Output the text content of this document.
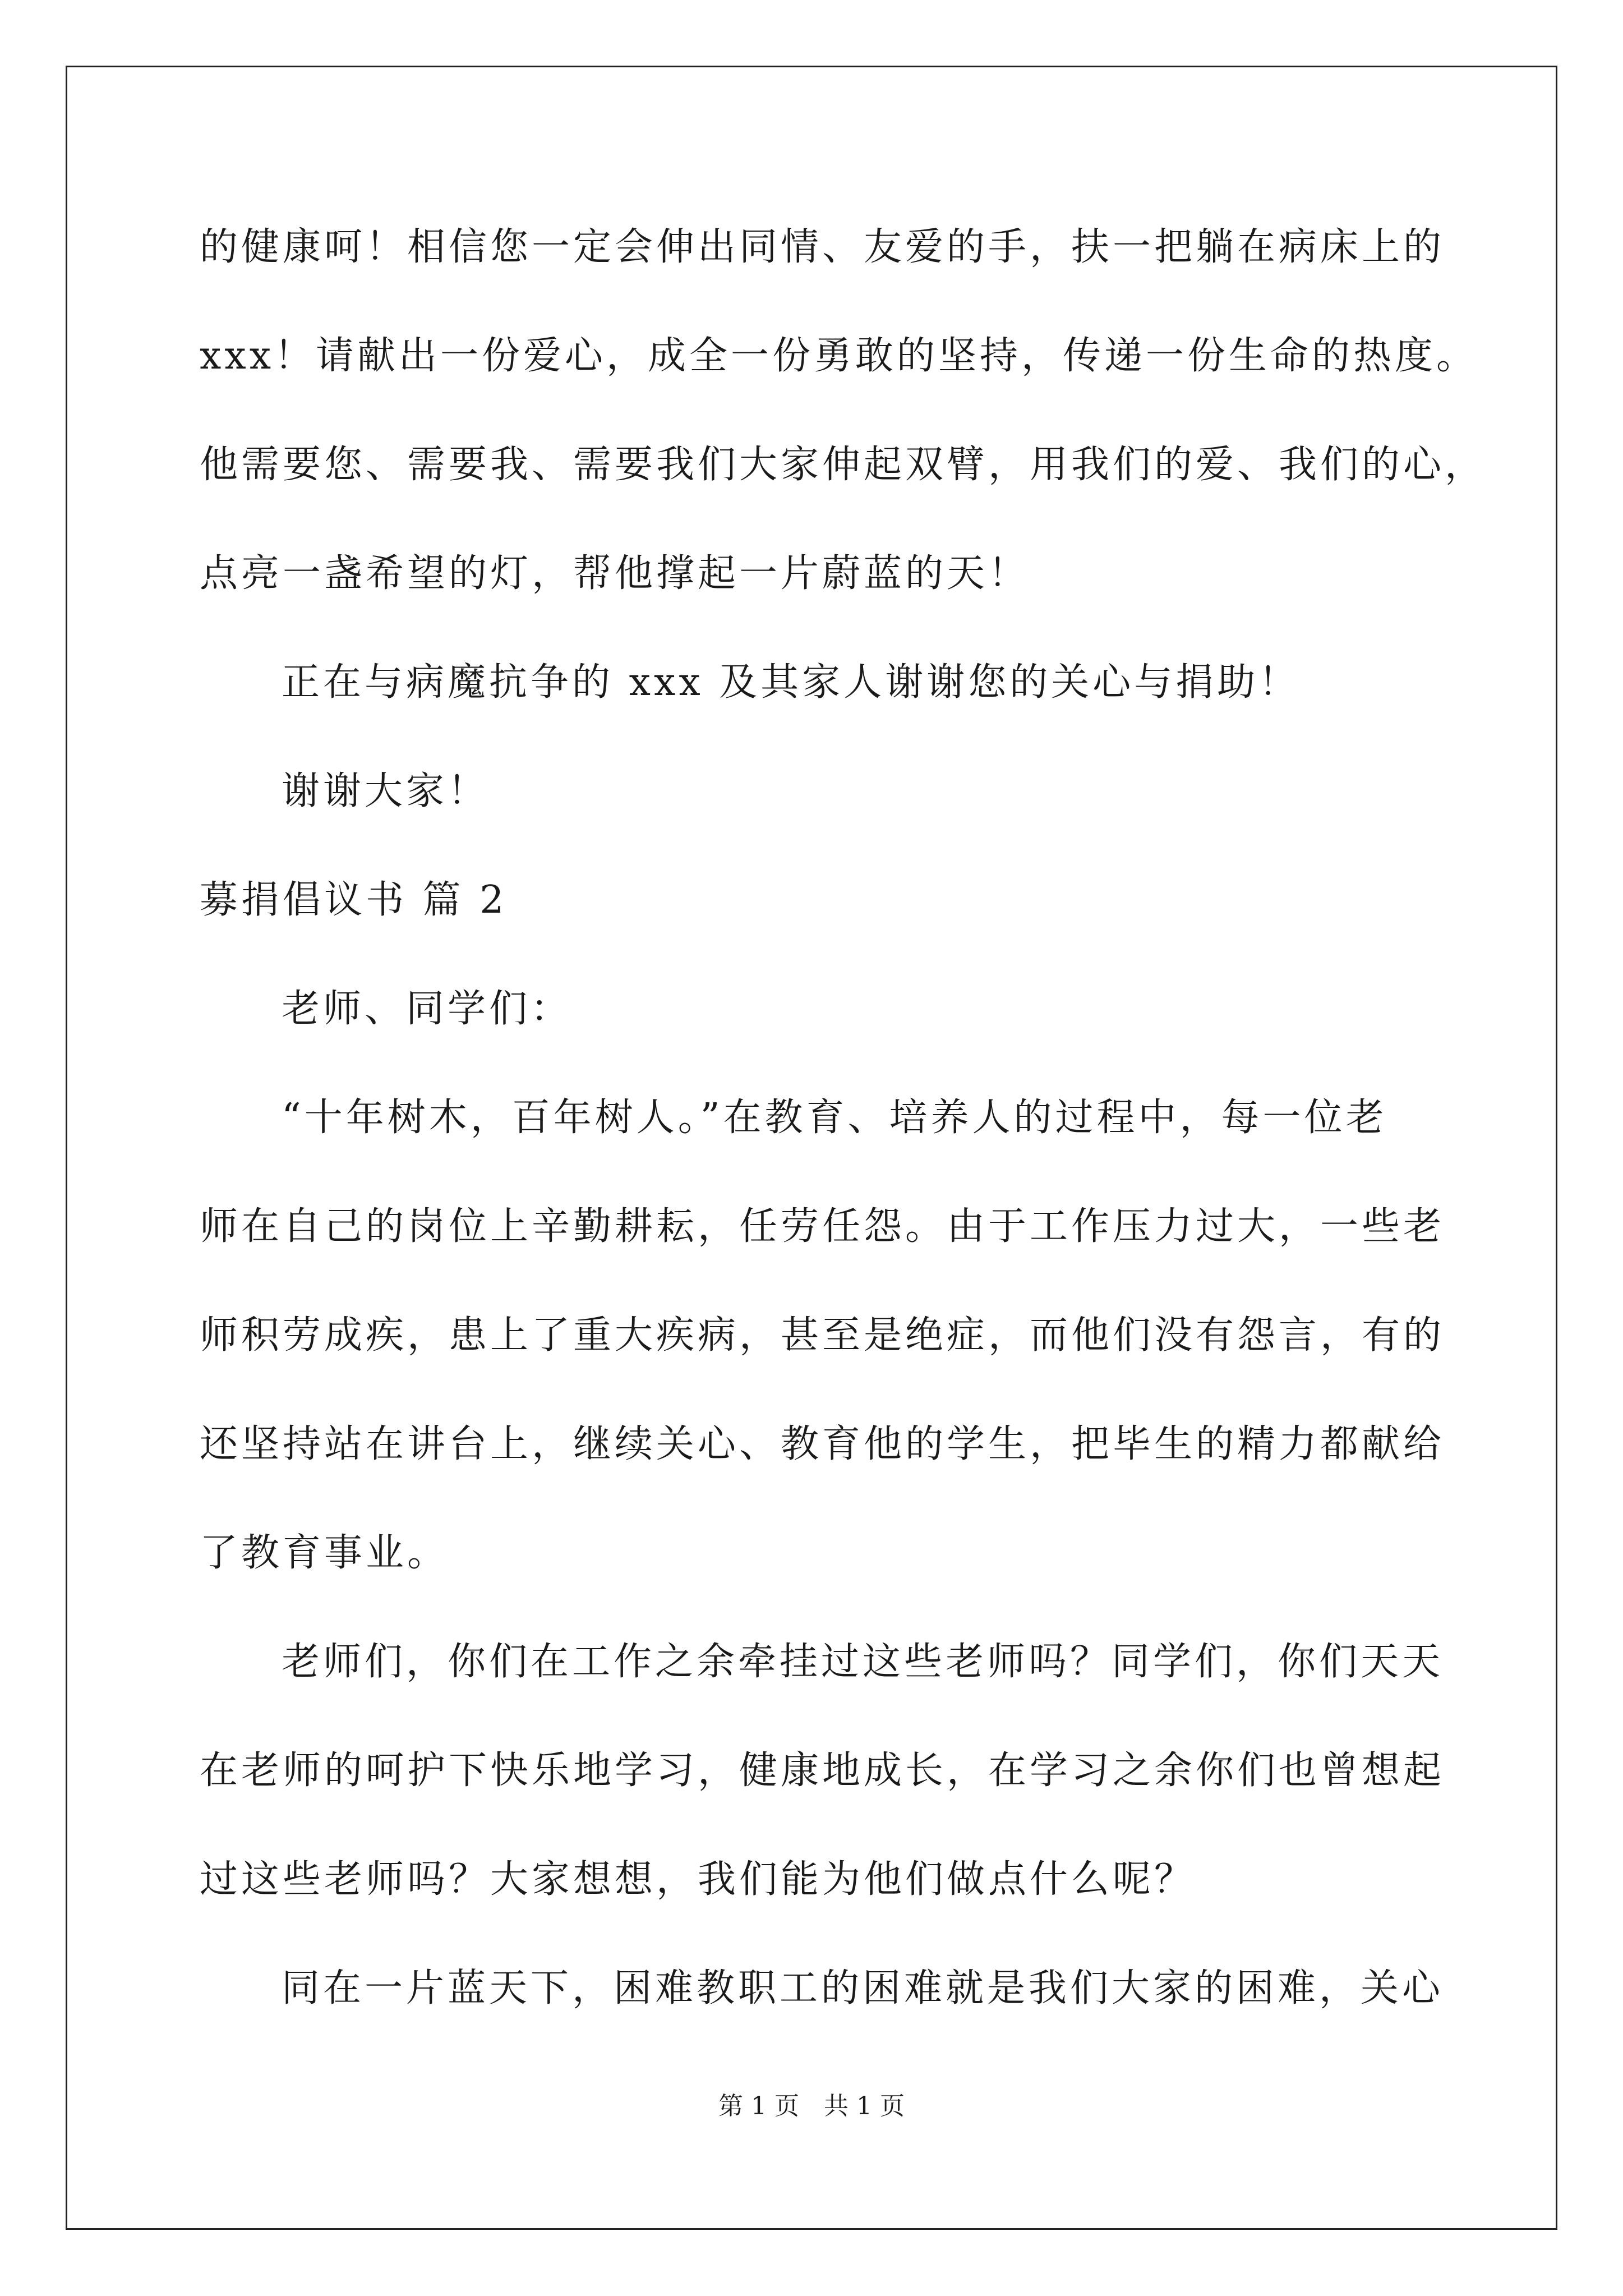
的健康呵！相信您一定会伸出同情、友爱的手，扶一把躺在病床上的
xxx！请献出一份爱心，成全一份勇敢的坚持，传递一份生命的热度。
他需要您、需要我、需要我们大家伸起双臂，用我们的爱、我们的心，
点亮一盏希望的灯，帮他撑起一片蔚蓝的天！
正在与病魔抗争的 xxx 及其家人谢谢您的关心与捐助！
谢谢大家！
募捐倡议书 篇 2
老师、同学们：
“十年树木，百年树人。”在教育、培养人的过程中，每一位老
师在自己的岗位上辛勤耕耘，任劳任怨。由于工作压力过大，一些老
师积劳成疾，患上了重大疾病，甚至是绝症，而他们没有怨言，有的
还坚持站在讲台上，继续关心、教育他的学生，把毕生的精力都献给
了教育事业。
老师们，你们在工作之余牵挂过这些老师吗？同学们，你们天天
在老师的呵护下快乐地学习，健康地成长，在学习之余你们也曾想起
过这些老师吗？大家想想，我们能为他们做点什么呢？
同在一片蓝天下，困难教职工的困难就是我们大家的困难，关心
第 1 页 共 1 页
